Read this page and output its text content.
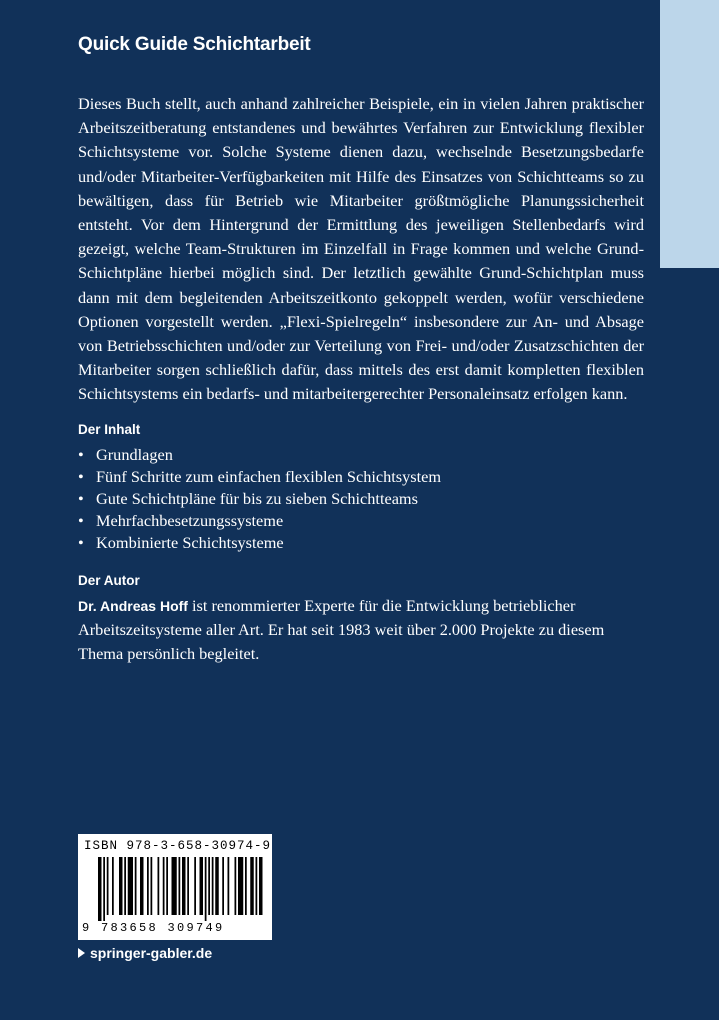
Quick Guide Schichtarbeit

Dieses Buch stellt, auch anhand zahlreicher Beispiele, ein in vielen Jahren praktischer Arbeitszeitberatung entstandenes und bewährtes Verfahren zur Entwicklung flexibler Schichtsysteme vor. Solche Systeme dienen dazu, wechselnde Besetzungsbedarfe und/oder Mitarbeiter-Verfügbarkeiten mit Hilfe des Einsatzes von Schichtteams so zu bewältigen, dass für Betrieb wie Mitarbeiter größtmögliche Planungssicherheit entsteht. Vor dem Hintergrund der Ermittlung des jeweiligen Stellenbedarfs wird gezeigt, welche Team-Strukturen im Einzelfall in Frage kommen und welche Grund-Schichtpläne hierbei möglich sind. Der letztlich gewählte Grund-Schichtplan muss dann mit dem begleitenden Arbeitszeitkonto gekoppelt werden, wofür verschiedene Optionen vorgestellt werden. „Flexi-Spielregeln“ insbesondere zur An- und Absage von Betriebsschichten und/oder zur Verteilung von Frei- und/oder Zusatzschichten der Mitarbeiter sorgen schließlich dafür, dass mittels des erst damit kompletten flexiblen Schichtsystems ein bedarfs- und mitarbeitergerechter Personaleinsatz erfolgen kann.

Der Inhalt
• Grundlagen
• Fünf Schritte zum einfachen flexiblen Schichtsystem
• Gute Schichtpläne für bis zu sieben Schichtteams
• Mehrfachbesetzungssysteme
• Kombinierte Schichtsysteme
Der Autor

Dr. Andreas Hoff ist renommierter Experte für die Entwicklung betrieblicher Arbeitszeitsysteme aller Art. Er hat seit 1983 weit über 2.000 Projekte zu diesem Thema persönlich begleitet.

ISBN 978-3-658-30974-9
9 783658 309749
springer-gabler.de
